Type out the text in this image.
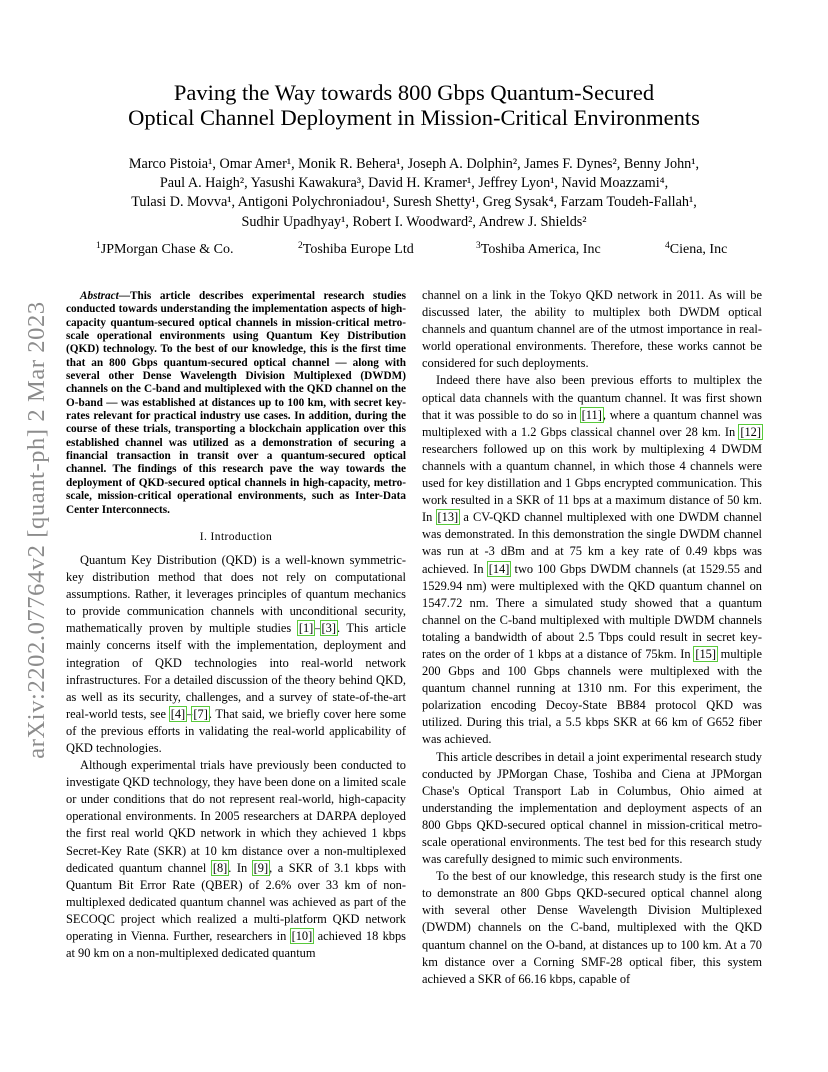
arXiv:2202.07764v2 [quant-ph] 2 Mar 2023
Paving the Way towards 800 Gbps Quantum-Secured
Optical Channel Deployment in Mission-Critical Environments
Marco Pistoia¹, Omar Amer¹, Monik R. Behera¹, Joseph A. Dolphin², James F. Dynes², Benny John¹,
Paul A. Haigh², Yasushi Kawakura³, David H. Kramer¹, Jeffrey Lyon¹, Navid Moazzami⁴,
Tulasi D. Movva¹, Antigoni Polychroniadou¹, Suresh Shetty¹, Greg Sysak⁴, Farzam Toudeh-Fallah¹,
Sudhir Upadhyay¹, Robert I. Woodward², Andrew J. Shields²
$^1$JPMorgan Chase & Co.	$^2$Toshiba Europe Ltd	$^3$Toshiba America, Inc	$^4$Ciena, Inc

Abstract—This article describes experimental research studies conducted towards understanding the implementation aspects of high-capacity quantum-secured optical channels in mission-critical metro-scale operational environments using Quantum Key Distribution (QKD) technology. To the best of our knowledge, this is the first time that an 800 Gbps quantum-secured optical channel — along with several other Dense Wavelength Division Multiplexed (DWDM) channels on the C-band and multiplexed with the QKD channel on the O-band — was established at distances up to 100 km, with secret key-rates relevant for practical industry use cases. In addition, during the course of these trials, transporting a blockchain application over this established channel was utilized as a demonstration of securing a financial transaction in transit over a quantum-secured optical channel. The findings of this research pave the way towards the deployment of QKD-secured optical channels in high-capacity, metro-scale, mission-critical operational environments, such as Inter-Data Center Interconnects.

I. Introduction

Quantum Key Distribution (QKD) is a well-known symmetric-key distribution method that does not rely on computational assumptions. Rather, it leverages principles of quantum mechanics to provide communication channels with unconditional security, mathematically proven by multiple studies [1]–[3]. This article mainly concerns itself with the implementation, deployment and integration of QKD technologies into real-world network infrastructures. For a detailed discussion of the theory behind QKD, as well as its security, challenges, and a survey of state-of-the-art real-world tests, see [4]–[7]. That said, we briefly cover here some of the previous efforts in validating the real-world applicability of QKD technologies.

Although experimental trials have previously been conducted to investigate QKD technology, they have been done on a limited scale or under conditions that do not represent real-world, high-capacity operational environments. In 2005 researchers at DARPA deployed the first real world QKD network in which they achieved 1 kbps Secret-Key Rate (SKR) at 10 km distance over a non-multiplexed dedicated quantum channel [8]. In [9], a SKR of 3.1 kbps with Quantum Bit Error Rate (QBER) of 2.6% over 33 km of non-multiplexed dedicated quantum channel was achieved as part of the SECOQC project which realized a multi-platform QKD network operating in Vienna. Further, researchers in [10] achieved 18 kbps at 90 km on a non-multiplexed dedicated quantum

channel on a link in the Tokyo QKD network in 2011. As will be discussed later, the ability to multiplex both DWDM optical channels and quantum channel are of the utmost importance in real-world operational environments. Therefore, these works cannot be considered for such deployments.

Indeed there have also been previous efforts to multiplex the optical data channels with the quantum channel. It was first shown that it was possible to do so in [11], where a quantum channel was multiplexed with a 1.2 Gbps classical channel over 28 km. In [12] researchers followed up on this work by multiplexing 4 DWDM channels with a quantum channel, in which those 4 channels were used for key distillation and 1 Gbps encrypted communication. This work resulted in a SKR of 11 bps at a maximum distance of 50 km. In [13] a CV-QKD channel multiplexed with one DWDM channel was demonstrated. In this demonstration the single DWDM channel was run at -3 dBm and at 75 km a key rate of 0.49 kbps was achieved. In [14] two 100 Gbps DWDM channels (at 1529.55 and 1529.94 nm) were multiplexed with the QKD quantum channel on 1547.72 nm. There a simulated study showed that a quantum channel on the C-band multiplexed with multiple DWDM channels totaling a bandwidth of about 2.5 Tbps could result in secret key-rates on the order of 1 kbps at a distance of 75km. In [15] multiple 200 Gbps and 100 Gbps channels were multiplexed with the quantum channel running at 1310 nm. For this experiment, the polarization encoding Decoy-State BB84 protocol QKD was utilized. During this trial, a 5.5 kbps SKR at 66 km of G652 fiber was achieved.

This article describes in detail a joint experimental research study conducted by JPMorgan Chase, Toshiba and Ciena at JPMorgan Chase's Optical Transport Lab in Columbus, Ohio aimed at understanding the implementation and deployment aspects of an 800 Gbps QKD-secured optical channel in mission-critical metro-scale operational environments. The test bed for this research study was carefully designed to mimic such environments.

To the best of our knowledge, this research study is the first one to demonstrate an 800 Gbps QKD-secured optical channel along with several other Dense Wavelength Division Multiplexed (DWDM) channels on the C-band, multiplexed with the QKD quantum channel on the O-band, at distances up to 100 km. At a 70 km distance over a Corning SMF-28 optical fiber, this system achieved a SKR of 66.16 kbps, capable of
